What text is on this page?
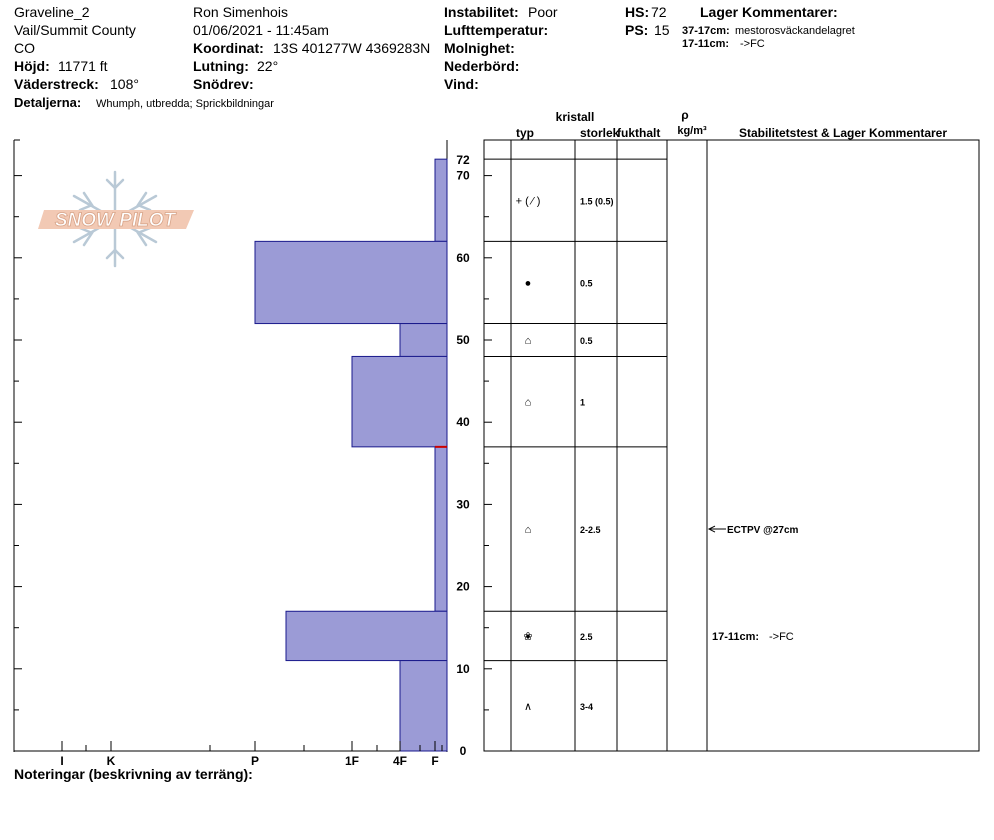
Graveline_2
Vail/Summit County
CO
Höjd: 11771 ft
Väderstreck: 108°
Detaljerna: Whumph, utbredda; Sprickbildningar
Ron Simenhois
01/06/2021 - 11:45am
Koordinat: 13S 401277W 4369283N
Lutning: 22°
Snödrev:
Instabilitet: Poor
Lufttemperatur:
Molnighet:
Nederbörd:
Vind:
HS: 72
PS: 15
Lager Kommentarer:
37-17cm: mestorosväckandelagret
17-11cm: ->FC
SNOW PILOT
0
10
20
30
40
50
60
70
72
I	K	P	1F	4F F
kristall
typ	storlek
fukthalt
ρ
kg/m³	Stabilitetstest & Lager Kommentarer
+ ( ⁄ )	1.5 (0.5)
●	0.5
⌂	0.5
⌂	1
⌂	2-2.5
❀	2.5
∧	3-4
ECTPV @27cm
17-11cm: ->FC
Noteringar (beskrivning av terräng):
